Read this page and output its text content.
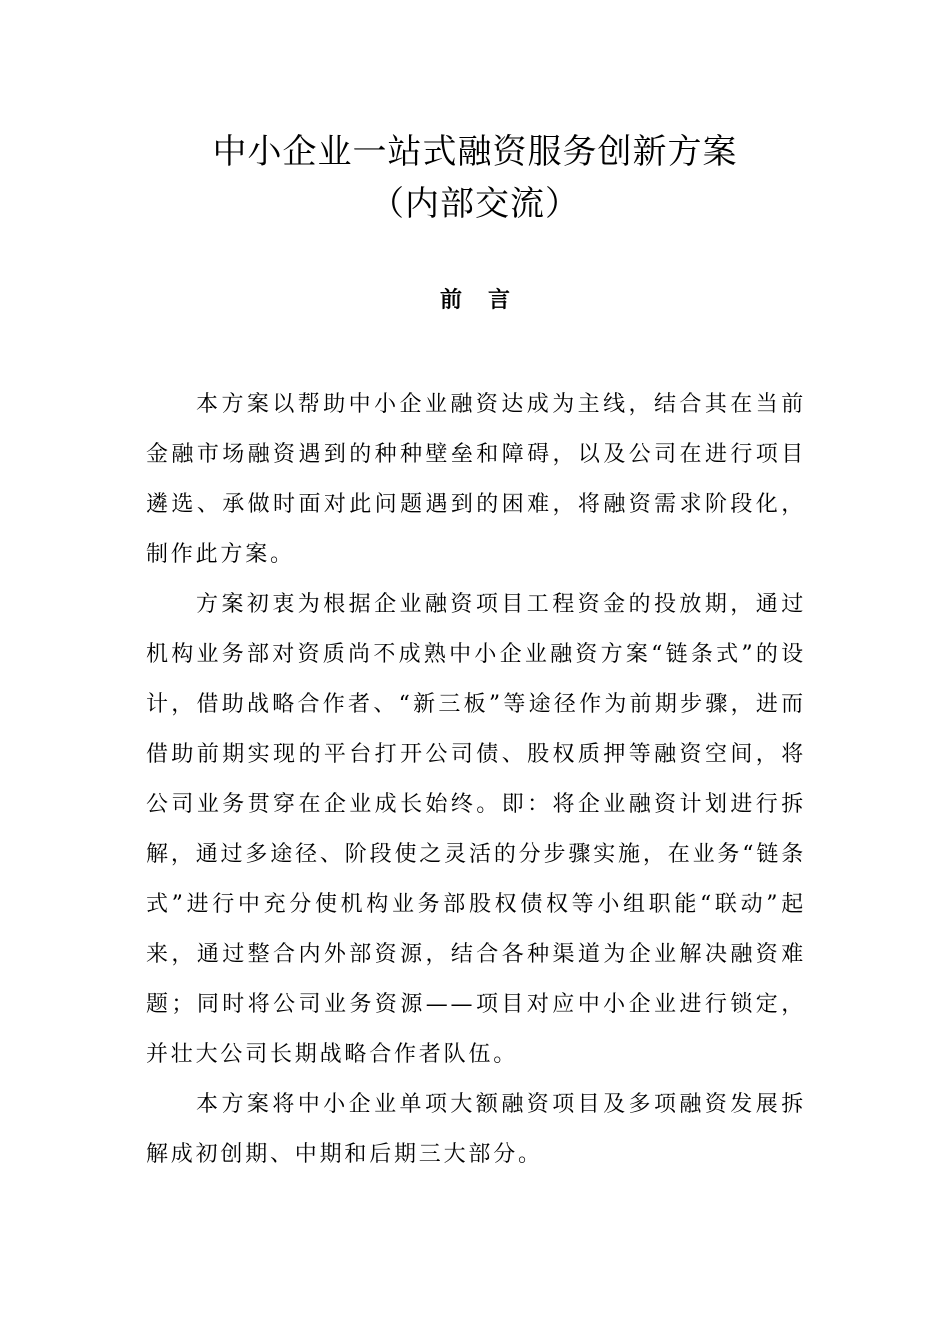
中小企业一站式融资服务创新方案
（内部交流）
前言

本方案以帮助中小企业融资达成为主线，结合其在当前金融市场融资遇到的种种壁垒和障碍，以及公司在进行项目遴选、承做时面对此问题遇到的困难，将融资需求阶段化，制作此方案。

方案初衷为根据企业融资项目工程资金的投放期，通过机构业务部对资质尚不成熟中小企业融资方案“链条式”的设计，借助战略合作者、“新三板”等途径作为前期步骤，进而借助前期实现的平台打开公司债、股权质押等融资空间，将公司业务贯穿在企业成长始终。即：将企业融资计划进行拆解，通过多途径、阶段使之灵活的分步骤实施，在业务“链条式”进行中充分使机构业务部股权债权等小组职能“联动”起来，通过整合内外部资源，结合各种渠道为企业解决融资难题；同时将公司业务资源——项目对应中小企业进行锁定，并壮大公司长期战略合作者队伍。

本方案将中小企业单项大额融资项目及多项融资发展拆解成初创期、中期和后期三大部分。
